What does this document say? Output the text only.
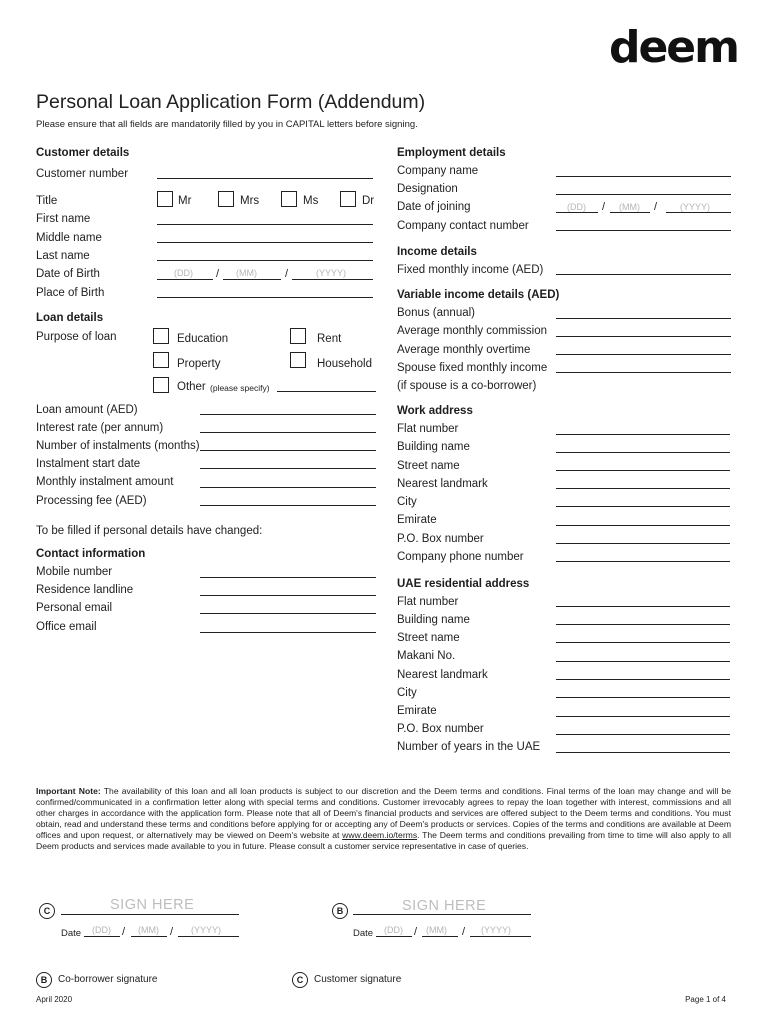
deem
Personal Loan Application Form (Addendum)
Please ensure that all fields are mandatorily filled by you in CAPITAL letters before signing.
Customer details
Customer number
Title	Mr	Mrs	Ms	Dr
First name
Middle name
Last name
Date of Birth	(DD) / (MM)	/	(YYYY)
Place of Birth
Loan details
Purpose of loan	Education	Rent
Property	Household
Other (please specify)
Loan amount (AED)
Interest rate (per annum)
Number of instalments (months)
Instalment start date
Monthly instalment amount
Processing fee (AED)
To be filled if personal details have changed:
Contact information
Mobile number
Residence landline
Personal email
Office email
Employment details
Company name
Designation
Date of joining	(DD) / (MM) /	(YYYY)
Company contact number
Income details
Fixed monthly income (AED)
Variable income details (AED)
Bonus (annual)
Average monthly commission
Average monthly overtime
Spouse fixed monthly income
(if spouse is a co-borrower)
Work address
Flat number
Building name
Street name
Nearest landmark
City
Emirate
P.O. Box number
Company phone number
UAE residential address
Flat number
Building name
Street name
Makani No.
Nearest landmark
City
Emirate
P.O. Box number
Number of years in the UAE
Important Note: The availability of this loan and all loan products is subject to our discretion and the Deem terms and conditions. Final terms of the loan may change and will be confirmed/communicated in a confirmation letter along with special terms and conditions. Customer irrevocably agrees to repay the loan together with interest, commissions and all other charges in accordance with the application form. Please note that all of Deem's financial products and services are offered subject to the Deem terms and conditions. You must obtain, read and understand these terms and conditions before applying for or accepting any of Deem's products or services. Copies of the terms and conditions are available at Deem offices and upon request, or alternatively may be viewed on Deem's website at www.deem.io/terms. The Deem terms and conditions prevailing from time to time will also apply to all Deem products and services made available to you in future. Please consult a customer service representative in case of queries.
C	SIGN HERE
Date (DD) / (MM) / (YYYY)
B	SIGN HERE
Date (DD) / (MM) / (YYYY)
B	Co-borrower signature	C	Customer signature
April 2020	Page 1 of 4
